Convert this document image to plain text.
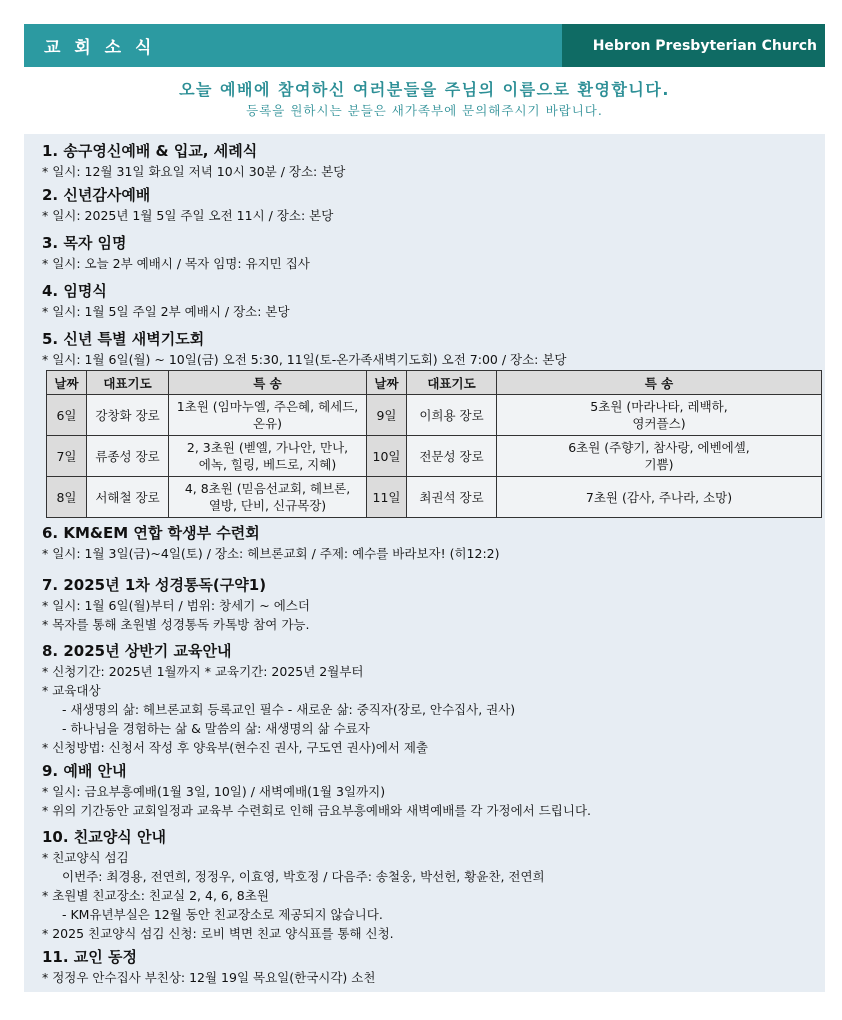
교 회 소 식	Hebron Presbyterian Church
오늘 예배에 참여하신 여러분들을 주님의 이름으로 환영합니다.
등록을 원하시는 분들은 새가족부에 문의해주시기 바랍니다.
1. 송구영신예배 & 입교, 세례식
* 일시: 12월 31일 화요일 저녁 10시 30분 / 장소: 본당
2. 신년감사예배
* 일시: 2025년 1월 5일 주일 오전 11시 / 장소: 본당
3. 목자 임명
* 일시: 오늘 2부 예배시 / 목자 임명: 유지민 집사
4. 임명식
* 일시: 1월 5일 주일 2부 예배시 / 장소: 본당
5. 신년 특별 새벽기도회
* 일시: 1월 6일(월) ~ 10일(금) 오전 5:30, 11일(토-온가족새벽기도회) 오전 7:00 / 장소: 본당
날짜	대표기도	특 송	날짜	대표기도	특 송
6일	강창화 장로	1초원 (임마누엘, 주은혜, 헤세드,
온유)	9일	이희용 장로	5초원 (마라나타, 레백하,
영커플스)
7일	류종성 장로	2, 3초원 (벧엘, 가나안, 만나,
에녹, 힐링, 베드로, 지혜)	10일	전문성 장로	6초원 (주향기, 참사랑, 에벤에셀,
기쁨)
8일	서해철 장로	4, 8초원 (믿음선교회, 헤브론,
열방, 단비, 신규목장)	11일	최권석 장로	7초원 (감사, 주나라, 소망)
6. KM&EM 연합 학생부 수련회
* 일시: 1월 3일(금)~4일(토) / 장소: 헤브론교회 / 주제: 예수를 바라보자! (히12:2)
7. 2025년 1차 성경통독(구약1)
* 일시: 1월 6일(월)부터 / 범위: 창세기 ~ 에스더
* 목자를 통해 초원별 성경통독 카톡방 참여 가능.
8. 2025년 상반기 교육안내
* 신청기간: 2025년 1월까지 * 교육기간: 2025년 2월부터
* 교육대상
- 새생명의 삶: 헤브론교회 등록교인 필수 - 새로운 삶: 중직자(장로, 안수집사, 권사)
- 하나님을 경험하는 삶 & 말씀의 삶: 새생명의 삶 수료자
* 신청방법: 신청서 작성 후 양육부(현수진 권사, 구도연 권사)에서 제출
9. 예배 안내
* 일시: 금요부흥예배(1월 3일, 10일) / 새벽예배(1월 3일까지)
* 위의 기간동안 교회일정과 교육부 수련회로 인해 금요부흥예배와 새벽예배를 각 가정에서 드립니다.
10. 친교양식 안내
* 친교양식 섬김
이번주: 최경용, 전연희, 정정우, 이효영, 박호정 / 다음주: 송철웅, 박선헌, 황윤찬, 전연희
* 초원별 친교장소: 친교실 2, 4, 6, 8초원
- KM유년부실은 12월 동안 친교장소로 제공되지 않습니다.
* 2025 친교양식 섬김 신청: 로비 벽면 친교 양식표를 통해 신청.
11. 교인 동정
* 정정우 안수집사 부친상: 12월 19일 목요일(한국시각) 소천
